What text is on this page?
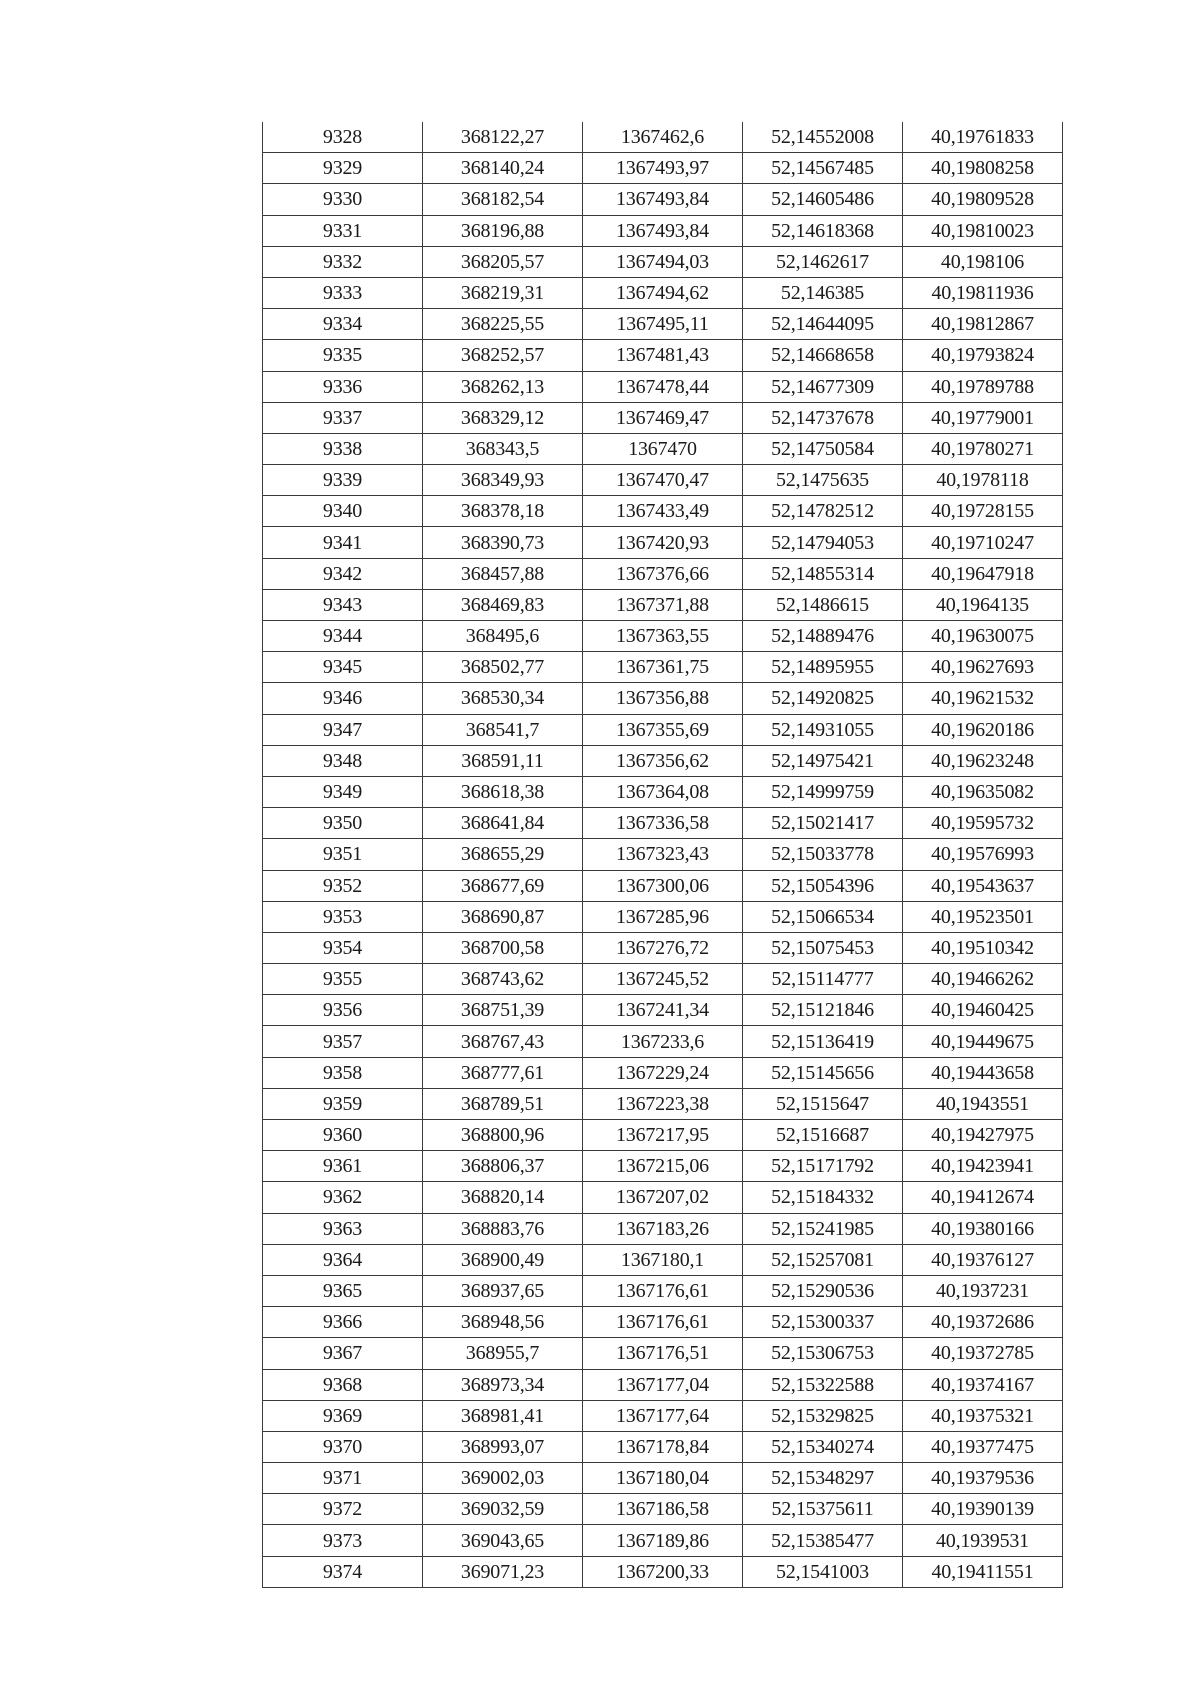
9328	368122,27	1367462,6	52,14552008	40,19761833
9329	368140,24	1367493,97	52,14567485	40,19808258
9330	368182,54	1367493,84	52,14605486	40,19809528
9331	368196,88	1367493,84	52,14618368	40,19810023
9332	368205,57	1367494,03	52,1462617	40,198106
9333	368219,31	1367494,62	52,146385	40,19811936
9334	368225,55	1367495,11	52,14644095	40,19812867
9335	368252,57	1367481,43	52,14668658	40,19793824
9336	368262,13	1367478,44	52,14677309	40,19789788
9337	368329,12	1367469,47	52,14737678	40,19779001
9338	368343,5	1367470	52,14750584	40,19780271
9339	368349,93	1367470,47	52,1475635	40,1978118
9340	368378,18	1367433,49	52,14782512	40,19728155
9341	368390,73	1367420,93	52,14794053	40,19710247
9342	368457,88	1367376,66	52,14855314	40,19647918
9343	368469,83	1367371,88	52,1486615	40,1964135
9344	368495,6	1367363,55	52,14889476	40,19630075
9345	368502,77	1367361,75	52,14895955	40,19627693
9346	368530,34	1367356,88	52,14920825	40,19621532
9347	368541,7	1367355,69	52,14931055	40,19620186
9348	368591,11	1367356,62	52,14975421	40,19623248
9349	368618,38	1367364,08	52,14999759	40,19635082
9350	368641,84	1367336,58	52,15021417	40,19595732
9351	368655,29	1367323,43	52,15033778	40,19576993
9352	368677,69	1367300,06	52,15054396	40,19543637
9353	368690,87	1367285,96	52,15066534	40,19523501
9354	368700,58	1367276,72	52,15075453	40,19510342
9355	368743,62	1367245,52	52,15114777	40,19466262
9356	368751,39	1367241,34	52,15121846	40,19460425
9357	368767,43	1367233,6	52,15136419	40,19449675
9358	368777,61	1367229,24	52,15145656	40,19443658
9359	368789,51	1367223,38	52,1515647	40,1943551
9360	368800,96	1367217,95	52,1516687	40,19427975
9361	368806,37	1367215,06	52,15171792	40,19423941
9362	368820,14	1367207,02	52,15184332	40,19412674
9363	368883,76	1367183,26	52,15241985	40,19380166
9364	368900,49	1367180,1	52,15257081	40,19376127
9365	368937,65	1367176,61	52,15290536	40,1937231
9366	368948,56	1367176,61	52,15300337	40,19372686
9367	368955,7	1367176,51	52,15306753	40,19372785
9368	368973,34	1367177,04	52,15322588	40,19374167
9369	368981,41	1367177,64	52,15329825	40,19375321
9370	368993,07	1367178,84	52,15340274	40,19377475
9371	369002,03	1367180,04	52,15348297	40,19379536
9372	369032,59	1367186,58	52,15375611	40,19390139
9373	369043,65	1367189,86	52,15385477	40,1939531
9374	369071,23	1367200,33	52,1541003	40,19411551
